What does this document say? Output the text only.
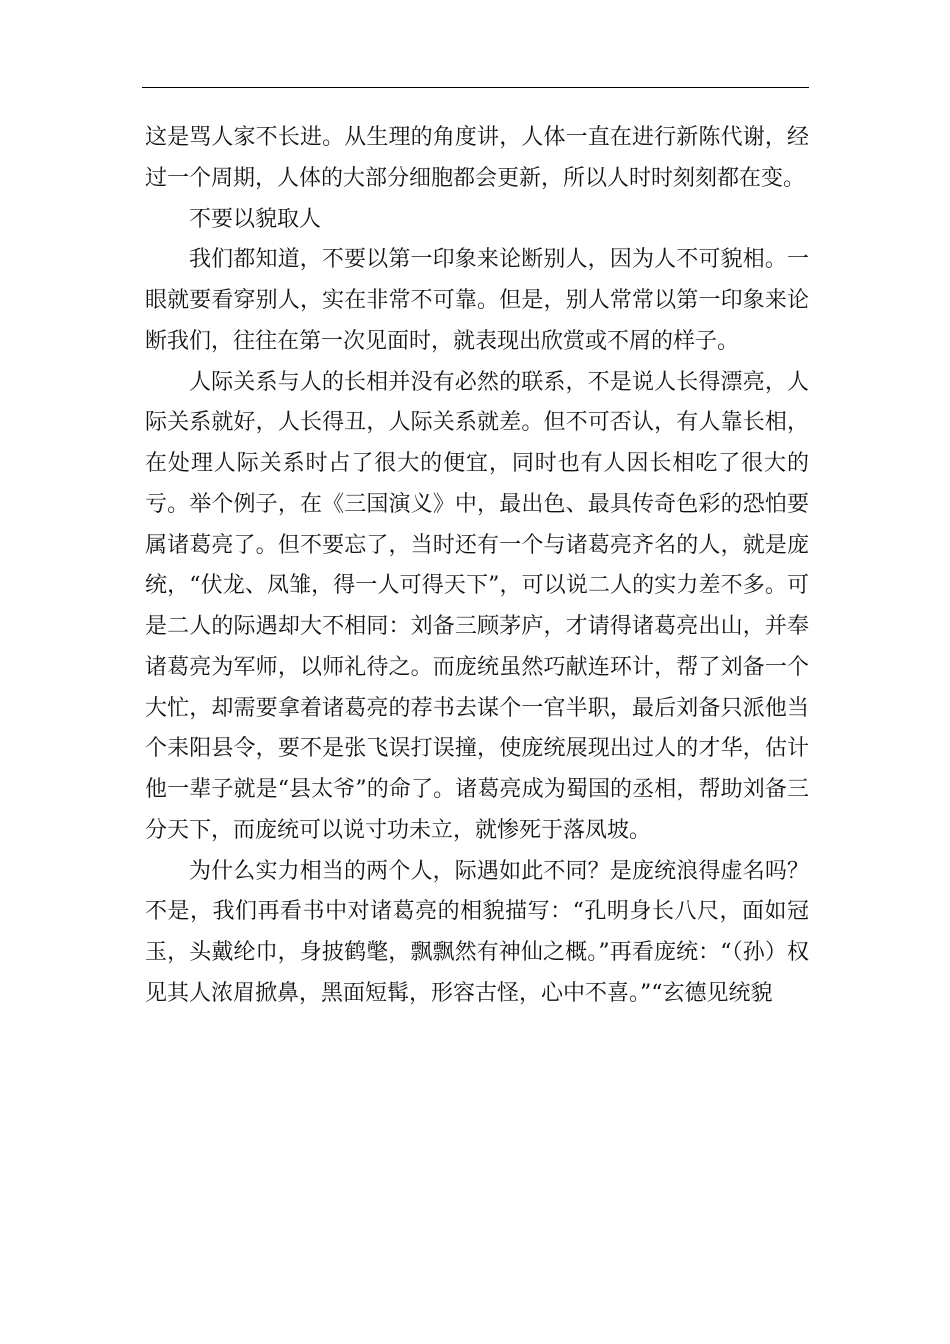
这是骂人家不长进。从生理的角度讲，人体一直在进行新陈代谢，经过一个周期，人体的大部分细胞都会更新，所以人时时刻刻都在变。

不要以貌取人

我们都知道，不要以第一印象来论断别人，因为人不可貌相。一眼就要看穿别人，实在非常不可靠。但是，别人常常以第一印象来论断我们，往往在第一次见面时，就表现出欣赏或不屑的样子。

人际关系与人的长相并没有必然的联系，不是说人长得漂亮，人际关系就好，人长得丑，人际关系就差。但不可否认，有人靠长相，在处理人际关系时占了很大的便宜，同时也有人因长相吃了很大的亏。举个例子，在《三国演义》中，最出色、最具传奇色彩的恐怕要属诸葛亮了。但不要忘了，当时还有一个与诸葛亮齐名的人，就是庞统，“伏龙、凤雏，得一人可得天下”，可以说二人的实力差不多。可是二人的际遇却大不相同：刘备三顾茅庐，才请得诸葛亮出山，并奉诸葛亮为军师，以师礼待之。而庞统虽然巧献连环计，帮了刘备一个大忙，却需要拿着诸葛亮的荐书去谋个一官半职，最后刘备只派他当个耒阳县令，要不是张飞误打误撞，使庞统展现出过人的才华，估计他一辈子就是“县太爷”的命了。诸葛亮成为蜀国的丞相，帮助刘备三分天下，而庞统可以说寸功未立，就惨死于落凤坡。

为什么实力相当的两个人，际遇如此不同？是庞统浪得虚名吗？不是，我们再看书中对诸葛亮的相貌描写：“孔明身长八尺，面如冠玉，头戴纶巾，身披鹤氅，飘飘然有神仙之概。”再看庞统：“（孙）权见其人浓眉掀鼻，黑面短髯，形容古怪，心中不喜。”“玄德见统貌
